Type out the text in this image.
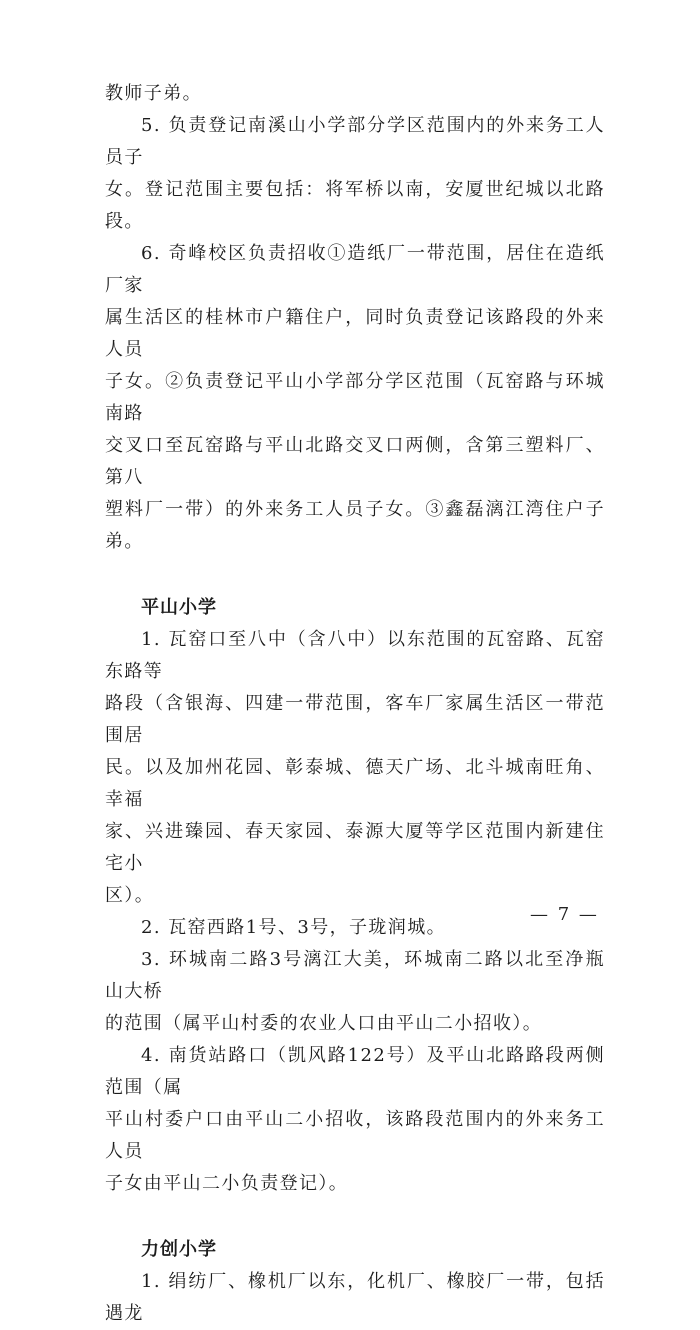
教师子弟。

5. 负责登记南溪山小学部分学区范围内的外来务工人员子

女。登记范围主要包括：将军桥以南，安厦世纪城以北路段。

6. 奇峰校区负责招收①造纸厂一带范围，居住在造纸厂家

属生活区的桂林市户籍住户，同时负责登记该路段的外来人员

子女。②负责登记平山小学部分学区范围（瓦窑路与环城南路

交叉口至瓦窑路与平山北路交叉口两侧，含第三塑料厂、第八

塑料厂一带）的外来务工人员子女。③鑫磊漓江湾住户子弟。

平山小学

1. 瓦窑口至八中（含八中）以东范围的瓦窑路、瓦窑东路等

路段（含银海、四建一带范围，客车厂家属生活区一带范围居

民。以及加州花园、彰泰城、德天广场、北斗城南旺角、幸福

家、兴进臻园、春天家园、泰源大厦等学区范围内新建住宅小

区）。

2. 瓦窑西路1号、3号，子珑润城。

3. 环城南二路3号漓江大美，环城南二路以北至净瓶山大桥

的范围（属平山村委的农业人口由平山二小招收）。

4. 南货站路口（凯风路122号）及平山北路路段两侧范围（属

平山村委户口由平山二小招收，该路段范围内的外来务工人员

子女由平山二小负责登记）。

力创小学

1. 绢纺厂、橡机厂以东，化机厂、橡胶厂一带，包括遇龙

— 7 —
